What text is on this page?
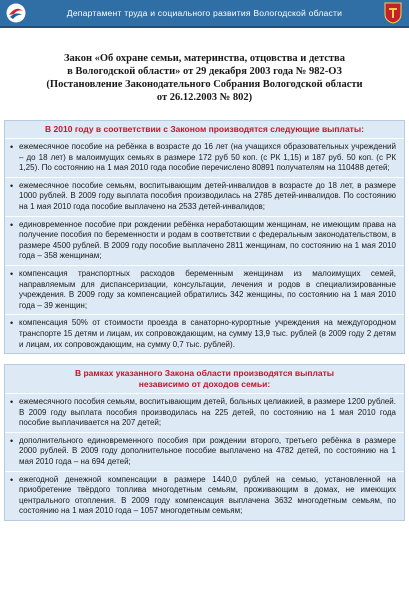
Департамент труда и социального развития Вологодской области
Закон «Об охране семьи, материнства, отцовства и детства
в Вологодской области» от 29 декабря 2003 года № 982-ОЗ
(Постановление Законодательного Собрания Вологодской области
от 26.12.2003 № 802)
В 2010 году в соответствии с Законом производятся следующие выплаты:
• ежемесячное пособие на ребёнка в возрасте до 16 лет (на учащихся образовательных учреждений – до 18 лет) в малоимущих семьях в размере 172 руб 50 коп. (с РК 1,15) и 187 руб. 50 коп. (с РК 1,25). По состоянию на 1 мая 2010 года пособие перечислено 80891 получателям на 110488 детей;
• ежемесячное пособие семьям, воспитывающим детей-инвалидов в возрасте до 18 лет, в размере 1000 рублей. В 2009 году выплата пособия производилась на 2785 детей-инвалидов. По состоянию на 1 мая 2010 года пособие выплачено на 2533 детей-инвалидов;
• единовременное пособие при рождении ребёнка неработающим женщинам, не имеющим права на получение пособия по беременности и родам в соответствии с федеральным законодательством, в размере 4500 рублей. В 2009 году пособие выплачено 2811 женщинам, по состоянию на 1 мая 2010 года – 358 женщинам;
• компенсация транспортных расходов беременным женщинам из малоимущих семей, направляемым для диспансеризации, консультации, лечения и родов в специализированные учреждения. В 2009 году за компенсацией обратились 342 женщины, по состоянию на 1 мая 2010 года – 39 женщин;
• компенсация 50% от стоимости проезда в санаторно-курортные учреждения на междугородном транспорте 15 детям и лицам, их сопровождающим, на сумму 13,9 тыс. рублей (в 2009 году 2 детям и лицам, их сопровождающим, на сумму 0,7 тыс. рублей).
В рамках указанного Закона области производятся выплаты
независимо от доходов семьи:
• ежемесячного пособия семьям, воспитывающим детей, больных целиакией, в размере 1200 рублей. В 2009 году выплата пособия производилась на 225 детей, по состоянию на 1 мая 2010 года пособие выплачивается на 207 детей;
• дополнительного единовременного пособия при рождении второго, третьего ребёнка в размере 2000 рублей. В 2009 году дополнительное пособие выплачено на 4782 детей, по состоянию на 1 мая 2010 года – на 694 детей;
• ежегодной денежной компенсации в размере 1440,0 рублей на семью, установленной на приобретение твёрдого топлива многодетным семьям, проживающим в домах, не имеющих центрального отопления. В 2009 году компенсация выплачена 3632 многодетным семьям, по состоянию на 1 мая 2010 года – 1057 многодетным семьям;
